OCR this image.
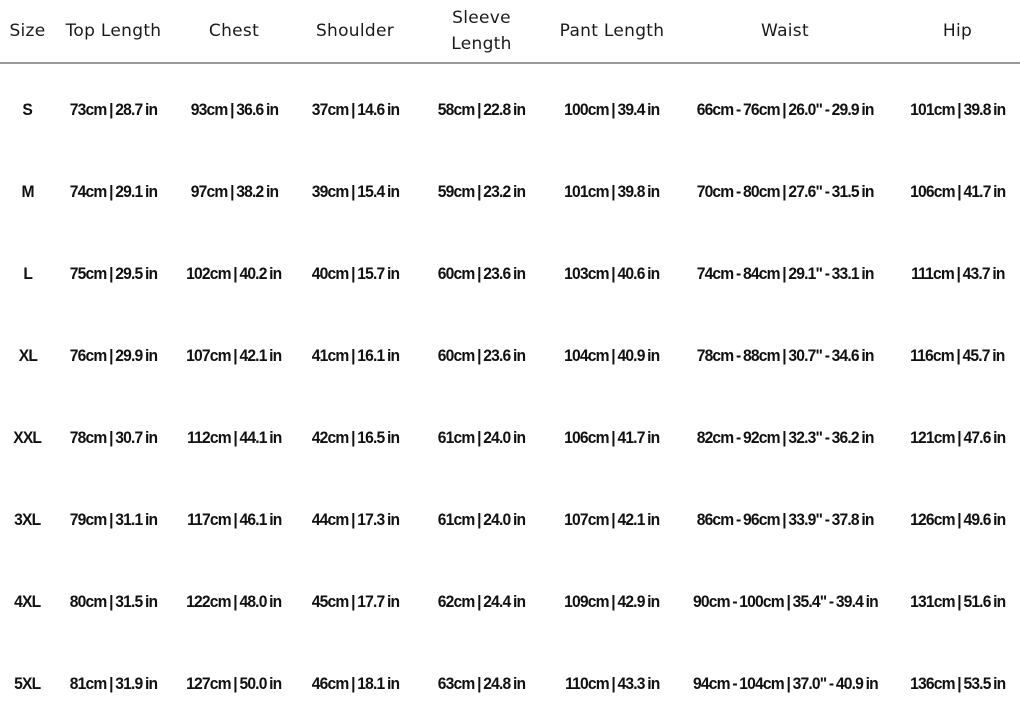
Size	Top Length	Chest	Shoulder	Sleeve Length	Pant Length	Waist	Hip
S	73cm | 28.7 in	93cm | 36.6 in	37cm | 14.6 in	58cm | 22.8 in	100cm | 39.4 in	66cm - 76cm | 26.0" - 29.9 in	101cm | 39.8 in
M	74cm | 29.1 in	97cm | 38.2 in	39cm | 15.4 in	59cm | 23.2 in	101cm | 39.8 in	70cm - 80cm | 27.6" - 31.5 in	106cm | 41.7 in
L	75cm | 29.5 in	102cm | 40.2 in	40cm | 15.7 in	60cm | 23.6 in	103cm | 40.6 in	74cm - 84cm | 29.1" - 33.1 in	111cm | 43.7 in
XL	76cm | 29.9 in	107cm | 42.1 in	41cm | 16.1 in	60cm | 23.6 in	104cm | 40.9 in	78cm - 88cm | 30.7" - 34.6 in	116cm | 45.7 in
XXL	78cm | 30.7 in	112cm | 44.1 in	42cm | 16.5 in	61cm | 24.0 in	106cm | 41.7 in	82cm - 92cm | 32.3" - 36.2 in	121cm | 47.6 in
3XL	79cm | 31.1 in	117cm | 46.1 in	44cm | 17.3 in	61cm | 24.0 in	107cm | 42.1 in	86cm - 96cm | 33.9" - 37.8 in	126cm | 49.6 in
4XL	80cm | 31.5 in	122cm | 48.0 in	45cm | 17.7 in	62cm | 24.4 in	109cm | 42.9 in	90cm - 100cm | 35.4" - 39.4 in	131cm | 51.6 in
5XL	81cm | 31.9 in	127cm | 50.0 in	46cm | 18.1 in	63cm | 24.8 in	110cm | 43.3 in	94cm - 104cm | 37.0" - 40.9 in	136cm | 53.5 in
